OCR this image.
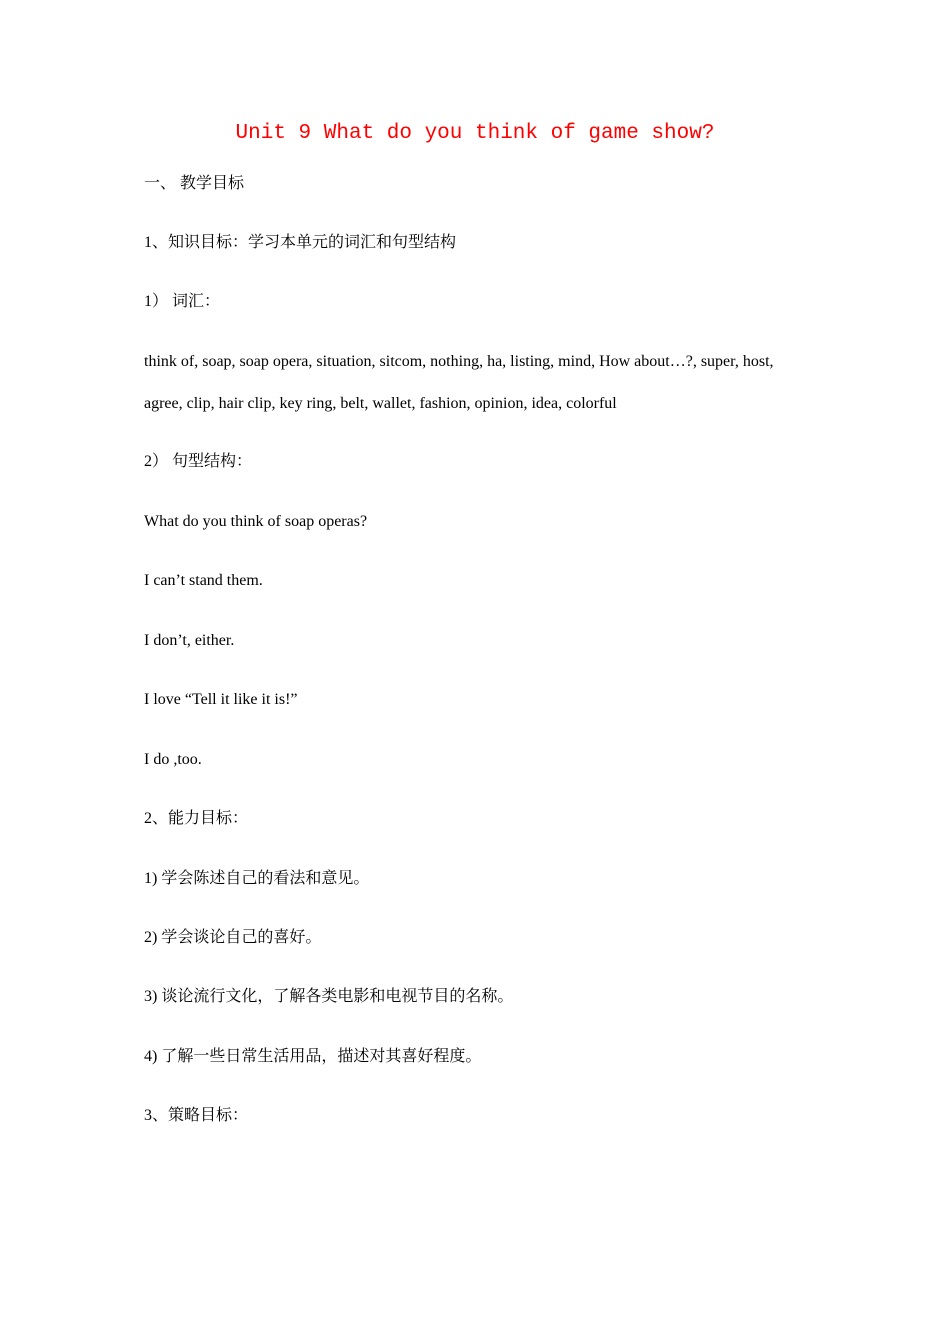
Unit 9 What do you think of game show?
一、 教学目标
1、知识目标：学习本单元的词汇和句型结构
1） 词汇：
think of, soap, soap opera, situation, sitcom, nothing, ha, listing, mind, How about…?, super, host,
agree, clip, hair clip, key ring, belt, wallet, fashion, opinion, idea, colorful
2） 句型结构：
What do you think of soap operas?
I can’t stand them.
I don’t, either.
I love “Tell it like it is!”
I do ,too.
2、能力目标：
1) 学会陈述自己的看法和意见。
2) 学会谈论自己的喜好。
3) 谈论流行文化，了解各类电影和电视节目的名称。
4) 了解一些日常生活用品，描述对其喜好程度。
3、策略目标：
